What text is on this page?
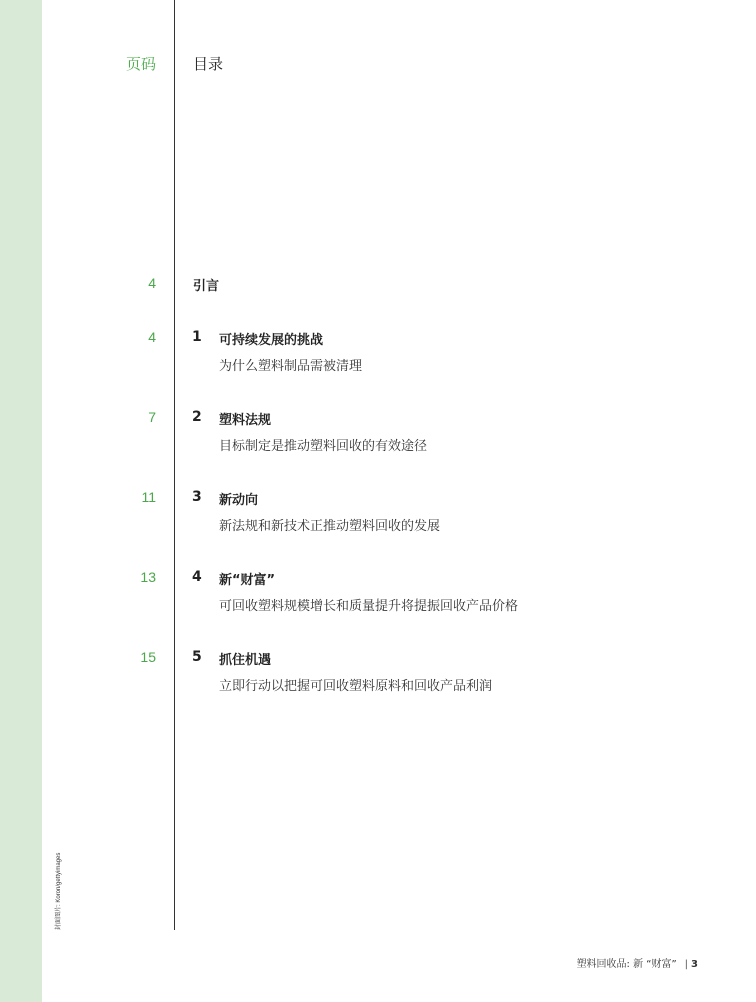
封面图片: Koron/gettyimages
页码 目录
4	引言
4	1 可持续发展的挑战
为什么塑料制品需被清理
7	2 塑料法规
目标制定是推动塑料回收的有效途径
11	3 新动向
新法规和新技术正推动塑料回收的发展
13	4 新“财富”
可回收塑料规模增长和质量提升将提振回收产品价格
15	5 抓住机遇
立即行动以把握可回收塑料原料和回收产品利润
塑料回收品: 新 “财富” | 3
